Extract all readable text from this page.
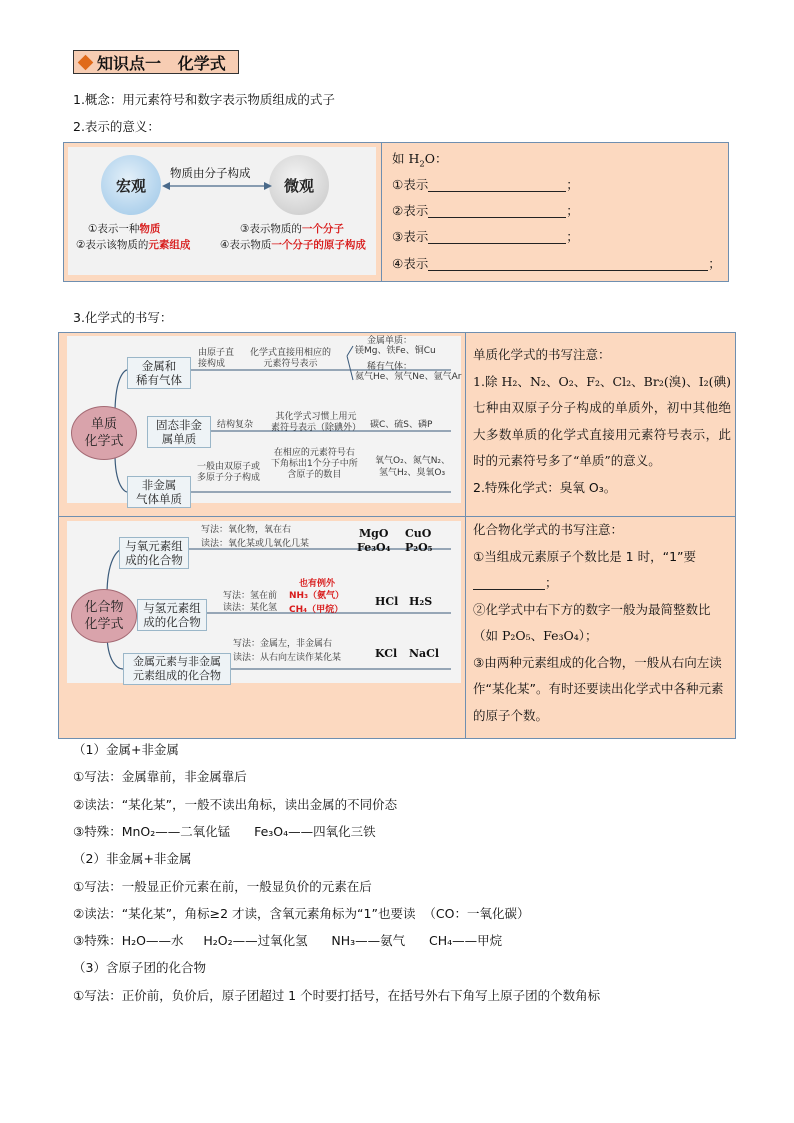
知识点一   化学式
1.概念：用元素符号和数字表示物质组成的式子
2.表示的意义：
宏观	微观
物质由分子构成
①表示一种物质
②表示该物质的元素组成
③表示物质的一个分子
④表示物质一个分子的原子构成
如 $H_2O$：
①表示	；
②表示	；
③表示	；
④表示	；
3.化学式的书写：
单质
化学式
金属和
稀有气体
由原子直
接构成
化学式直接用相应的
元素符号表示
金属单质：
镁Mg、铁Fe、铜Cu
稀有气体：
氦气He、氖气Ne、氩气Ar
固态非金
属单质
结构复杂
其化学式习惯上用元
素符号表示（除碘外） 碳C、硫S、磷P
非金属
气体单质
一般由双原子或
多原子分子构成
在相应的元素符号右
下角标出1个分子中所
含原子的数目
氧气O₂、氮气N₂、
氢气H₂、臭氧O₃
单质化学式的书写注意：
1.除 H₂、N₂、O₂、F₂、Cl₂、Br₂(溴)、I₂(碘)七种由双原子分子构成的单质外，初中其他绝大多数单质的化学式直接用元素符号表示，此时的元素符号多了“单质”的意义。
2.特殊化学式：臭氧 O₃。
化合物
化学式
与氧元素组
成的化合物
写法：氧化物，氧在右
读法：氧化某或几氧化几某
MgO CuO
Fe₃O₄ P₂O₅
与氢元素组
成的化合物
写法：氢在前
读法：某化氢
也有例外
NH₃（氨气）
CH₄（甲烷）
HCl H₂S
金属元素与非金属
元素组成的化合物
写法：金属左，非金属右
读法：从右向左读作某化某	KCl NaCl
化合物化学式的书写注意：
①当组成元素原子个数比是 1 时，“1”要
；
②化学式中右下方的数字一般为最简整数比（如 P₂O₅、Fe₃O₄）；
③由两种元素组成的化合物，一般从右向左读作“某化某”。有时还要读出化学式中各种元素的原子个数。
（1）金属+非金属
①写法：金属靠前，非金属靠后
②读法：“某化某”，一般不读出角标，读出金属的不同价态
③特殊：MnO₂——二氧化锰      Fe₃O₄——四氧化三铁
（2）非金属+非金属
①写法：一般显正价元素在前，一般显负价的元素在后
②读法：“某化某”，角标≥2 才读，含氧元素角标为“1”也要读  （CO：一氧化碳）
③特殊：H₂O——水     H₂O₂——过氧化氢      NH₃——氨气      CH₄——甲烷
（3）含原子团的化合物
①写法：正价前，负价后，原子团超过 1 个时要打括号，在括号外右下角写上原子团的个数角标
